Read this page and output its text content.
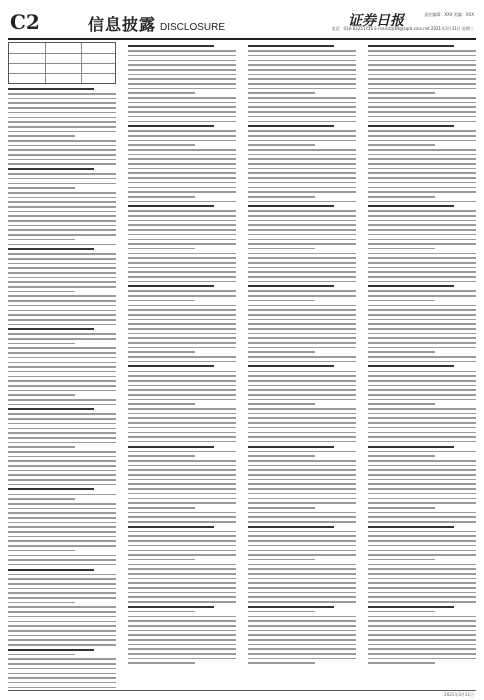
C2	信息披露 DISCLOSURE	证券日报	责任编辑：XXX 美编：XXX
电话：010-83251716 E-mail:zqrb9@zqrb.sina.net 2021年3月31日 星期三
2021年3月31日
